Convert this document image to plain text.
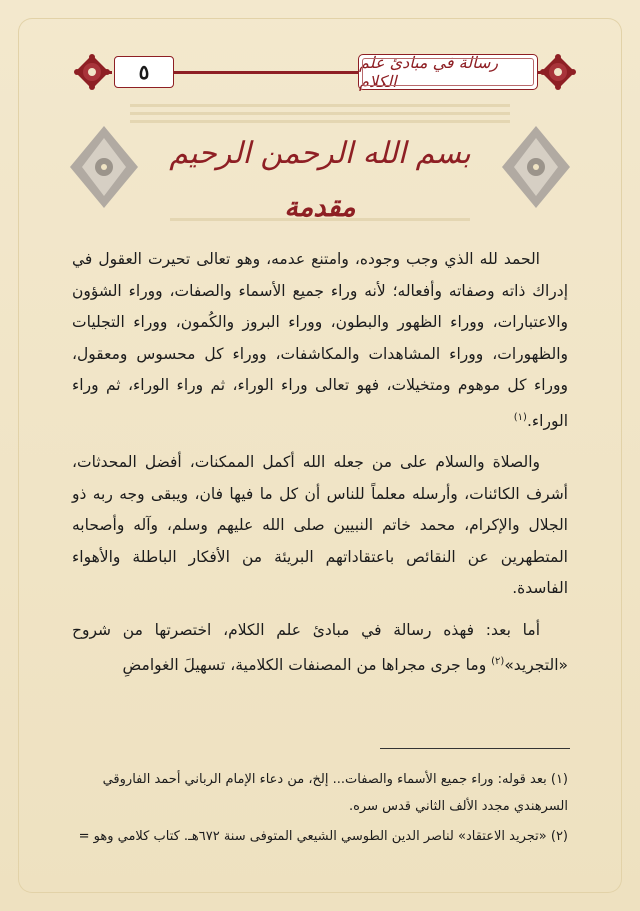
٥	رسالة في مبادئ علم الكلام
بسم الله الرحمن الرحيم
مقدمة

الحمد لله الذي وجب وجوده، وامتنع عدمه، وهو تعالى تحيرت العقول في إدراك ذاته وصفاته وأفعاله؛ لأنه وراء جميع الأسماء والصفات، ووراء الشؤون والاعتبارات، ووراء الظهور والبطون، ووراء البروز والكُمون، ووراء التجليات والظهورات، ووراء المشاهدات والمكاشفات، ووراء كل محسوس ومعقول، ووراء كل موهوم ومتخيلات، فهو تعالى وراء الوراء، ثم وراء الوراء، ثم وراء الوراء.$^{(١)}$

والصلاة والسلام على من جعله الله أكمل الممكنات، أفضل المحدثات، أشرف الكائنات، وأرسله معلماً للناس أن كل ما فيها فان، ويبقى وجه ربه ذو الجلال والإكرام، محمد خاتم النبيين صلى الله عليهم وسلم، وآله وأصحابه المتطهرين عن النقائص باعتقاداتهم البريئة من الأفكار الباطلة والأهواء الفاسدة.

أما بعد: فهذه رسالة في مبادئ علم الكلام، اختصرتها من شروح «التجريد»$^{(٢)}$ وما جرى مجراها من المصنفات الكلامية، تسهيلَ الغوامضِ

(١) بعد قوله: وراء جميع الأسماء والصفات... إلخ، من دعاء الإمام الرباني أحمد الفاروقي السرهندي مجدد الألف الثاني قدس سره.

(٢) «تجريد الاعتقاد» لناصر الدين الطوسي الشيعي المتوفى سنة ٦٧٢هـ. كتاب كلامي وهو =
